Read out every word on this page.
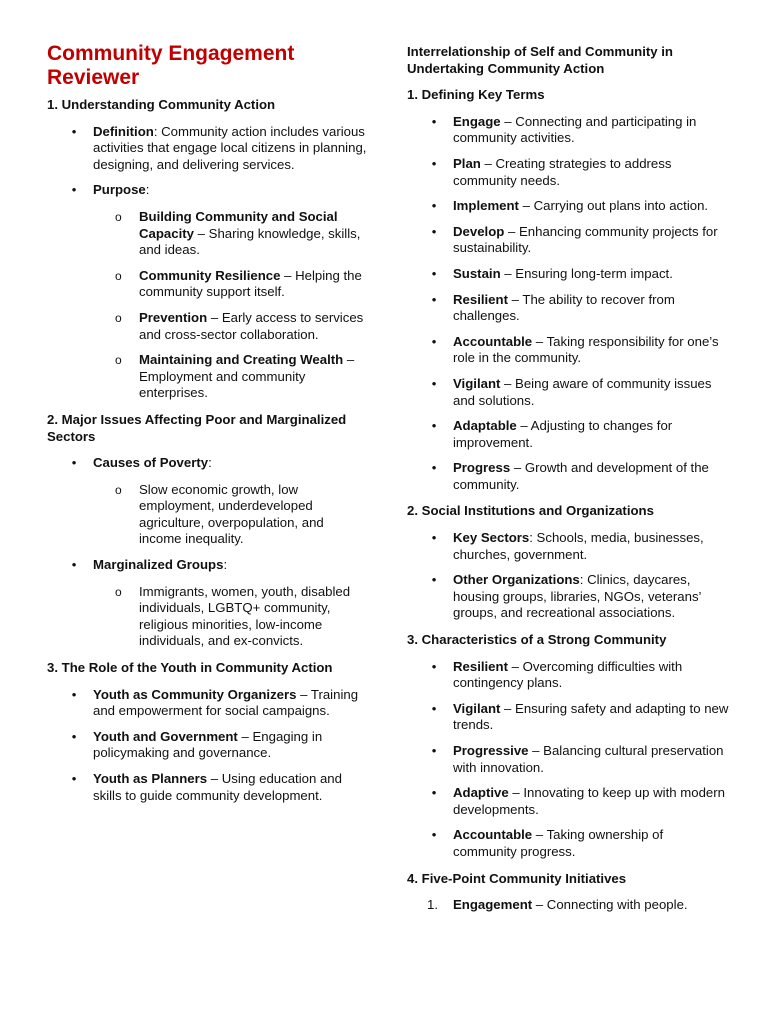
Community Engagement Reviewer
1. Understanding Community Action
• Definition: Community action includes various activities that engage local citizens in planning, designing, and delivering services.
• Purpose:
o Building Community and Social Capacity – Sharing knowledge, skills, and ideas.
o Community Resilience – Helping the community support itself.
o Prevention – Early access to services and cross-sector collaboration.
o Maintaining and Creating Wealth – Employment and community enterprises.
2. Major Issues Affecting Poor and Marginalized Sectors
• Causes of Poverty:
o Slow economic growth, low employment, underdeveloped agriculture, overpopulation, and income inequality.
• Marginalized Groups:
o Immigrants, women, youth, disabled individuals, LGBTQ+ community, religious minorities, low-income individuals, and ex-convicts.
3. The Role of the Youth in Community Action
• Youth as Community Organizers – Training and empowerment for social campaigns.
• Youth and Government – Engaging in policymaking and governance.
• Youth as Planners – Using education and skills to guide community development.
Interrelationship of Self and Community in Undertaking Community Action
1. Defining Key Terms
• Engage – Connecting and participating in community activities.
• Plan – Creating strategies to address community needs.
• Implement – Carrying out plans into action.
• Develop – Enhancing community projects for sustainability.
• Sustain – Ensuring long-term impact.
• Resilient – The ability to recover from challenges.
• Accountable – Taking responsibility for one’s role in the community.
• Vigilant – Being aware of community issues and solutions.
• Adaptable – Adjusting to changes for improvement.
• Progress – Growth and development of the community.
2. Social Institutions and Organizations
• Key Sectors: Schools, media, businesses, churches, government.
• Other Organizations: Clinics, daycares, housing groups, libraries, NGOs, veterans’ groups, and recreational associations.
3. Characteristics of a Strong Community
• Resilient – Overcoming difficulties with contingency plans.
• Vigilant – Ensuring safety and adapting to new trends.
• Progressive – Balancing cultural preservation with innovation.
• Adaptive – Innovating to keep up with modern developments.
• Accountable – Taking ownership of community progress.
4. Five-Point Community Initiatives
1.	Engagement – Connecting with people.
